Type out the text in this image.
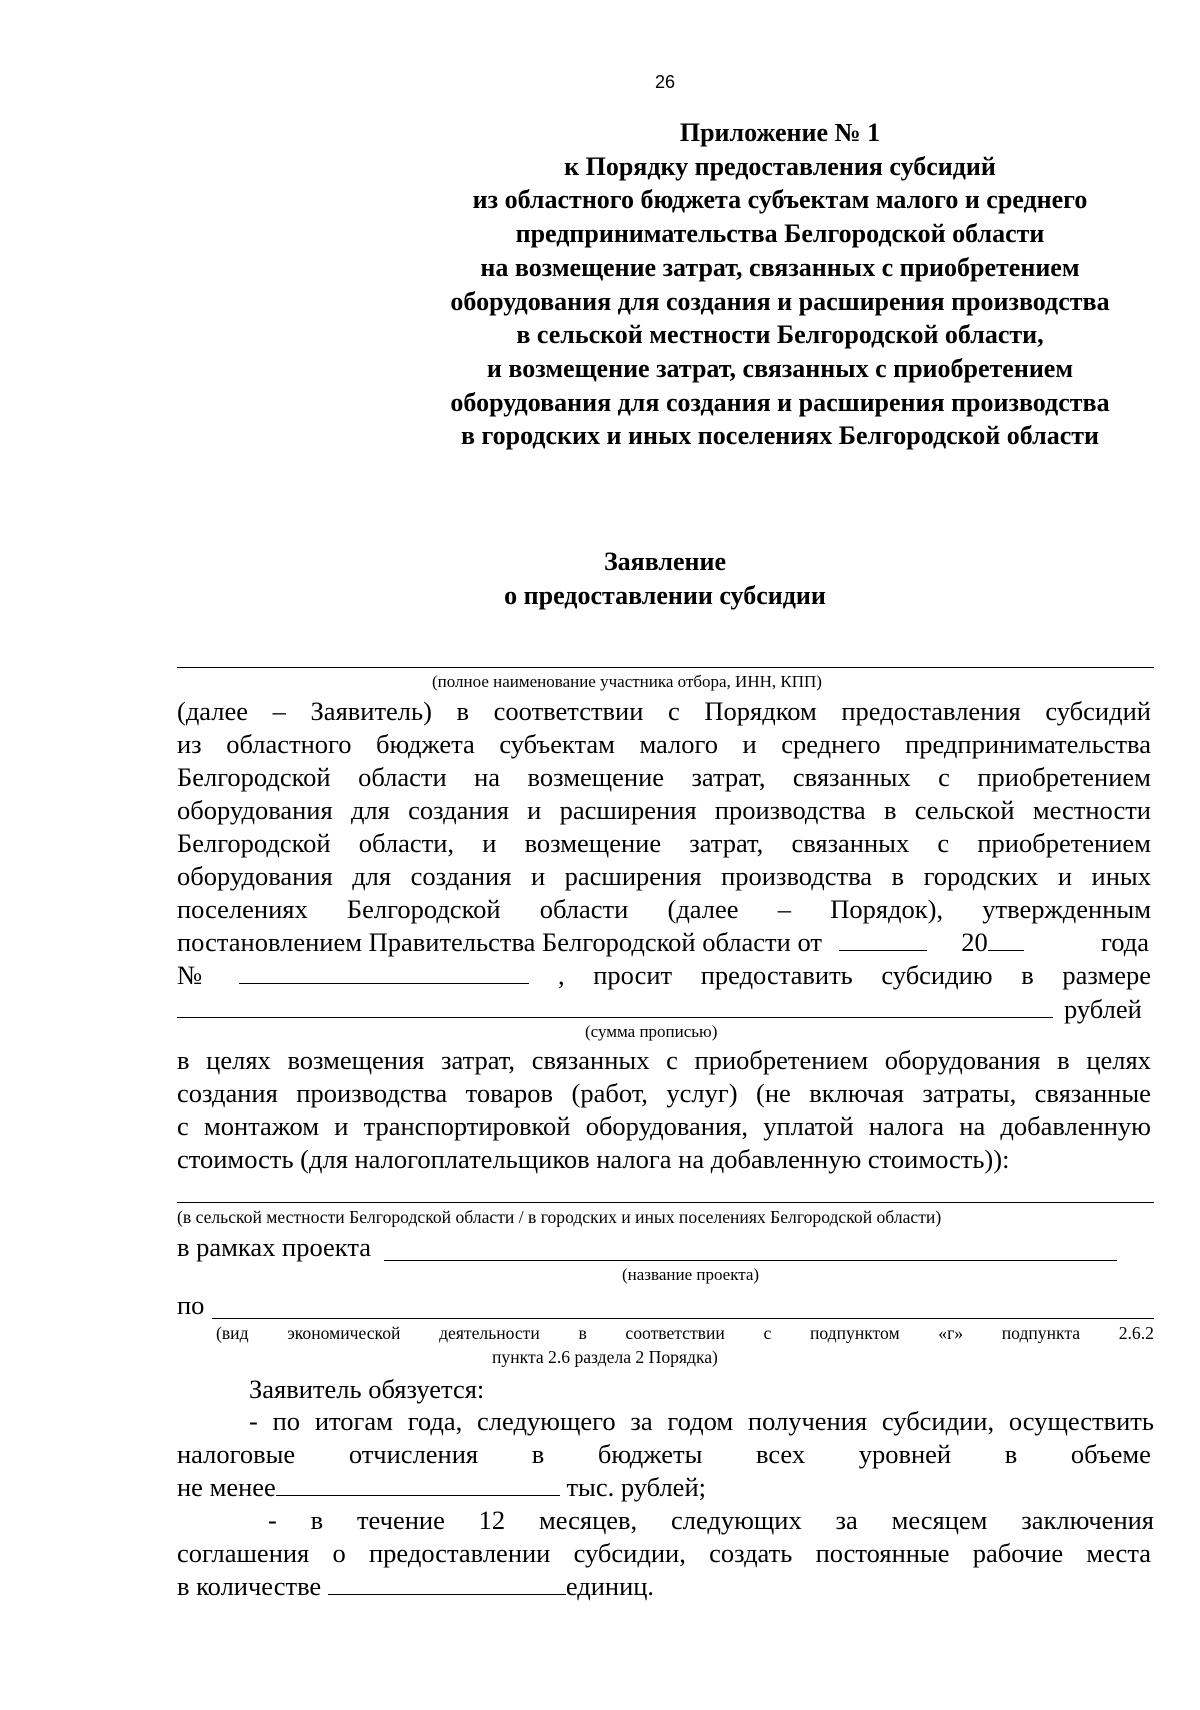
26
Приложение № 1
к Порядку предоставления субсидий
из областного бюджета субъектам малого и среднего
предпринимательства Белгородской области
на возмещение затрат, связанных с приобретением
оборудования для создания и расширения производства
в сельской местности Белгородской области,
и возмещение затрат, связанных с приобретением
оборудования для создания и расширения производства
в городских и иных поселениях Белгородской области
Заявление
о предоставлении субсидии
(полное наименование участника отбора, ИНН, КПП)
(далее – Заявитель) в соответствии с Порядком предоставления субсидий
из областного бюджета субъектам малого и среднего предпринимательства
Белгородской области на возмещение затрат, связанных с приобретением
оборудования для создания и расширения производства в сельской местности
Белгородской области, и возмещение затрат, связанных с приобретением
оборудования для создания и расширения производства в городских и иных
поселениях Белгородской области (далее – Порядок), утвержденным
постановлением Правительства Белгородской области от	20	года
№	, просит предоставить субсидию в размере
рублей
(сумма прописью)
в целях возмещения затрат, связанных с приобретением оборудования в целях
создания производства товаров (работ, услуг) (не включая затраты, связанные
с монтажом и транспортировкой оборудования, уплатой налога на добавленную
стоимость (для налогоплательщиков налога на добавленную стоимость)):
(в сельской местности Белгородской области / в городских и иных поселениях Белгородской области)
в рамках проекта
(название проекта)
по
(вид экономической деятельности в соответствии с подпунктом «г» подпункта 2.6.2
пункта 2.6 раздела 2 Порядка)
Заявитель обязуется:
- по итогам года, следующего за годом получения субсидии, осуществить
налоговые отчисления в бюджеты всех уровней в объеме
не менее	тыс. рублей;
- в течение 12 месяцев, следующих за месяцем заключения
соглашения о предоставлении субсидии, создать постоянные рабочие места
в количестве	единиц.
